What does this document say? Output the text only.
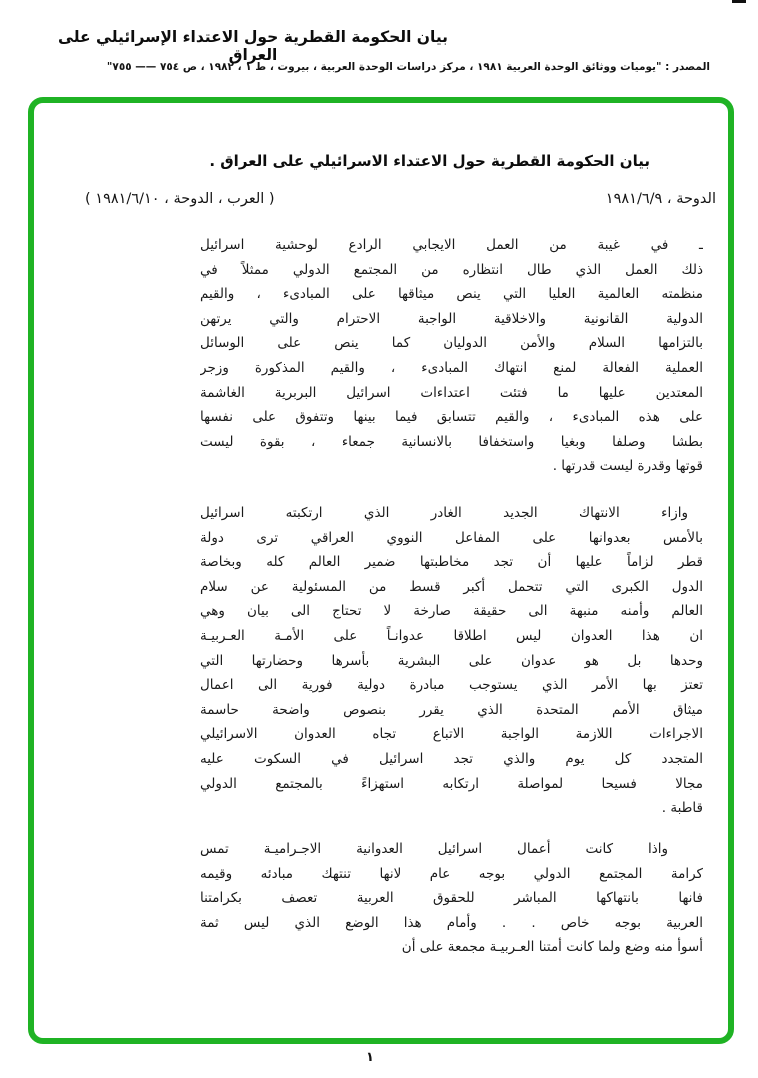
بيان الحكومة القطرية حول الاعتداء الإسرائيلي على العراق
المصدر : "يوميات ووثائق الوحدة العربية ١٩٨١ ، مركز دراسات الوحدة العربية ، بيروت ، ط ١ ، ١٩٨٢ ، ص ٧٥٤ —— ٧٥٥"
بيان الحكومة القطرية حول الاعتداء الاسرائيلي على العراق .
الدوحة ، ١٩٨١/٦/٩
( العرب ، الدوحة ، ١٩٨١/٦/١٠ )
ـ في غيبة من العمل الايجابي الرادع لوحشية اسرائيل
ذلك العمل الذي طال انتظاره من المجتمع الدولي ممثلاً في
منظمته العالمية العليا التي ينص ميثاقها على المبادىء ، والقيم
الدولية القانونية والاخلاقية الواجبة الاحترام والتي يرتهن
بالتزامها السلام والأمن الدوليان كما ينص على الوسائل
العملية الفعالة لمنع انتهاك المبادىء ، والقيم المذكورة وزجر
المعتدين عليها ما فتئت اعتداءات اسرائيل البربرية الغاشمة
على هذه المبادىء ، والقيم تتسابق فيما بينها وتتفوق على نفسها
بطشا وصلفا وبغيا واستخفافا بالانسانية جمعاء ، بقوة ليست
قوتها وقدرة ليست قدرتها .
وازاء الانتهاك الجديد الغادر الذي ارتكبته اسرائيل
بالأمس بعدوانها على المفاعل النووي العراقي ترى دولة
قطر لزاماً عليها أن تجد مخاطبتها ضمير العالم كله وبخاصة
الدول الكبرى التي تتحمل أكبر قسط من المسئولية عن سلام
العالم وأمنه منبهة الى حقيقة صارخة لا تحتاج الى بيان وهي
ان هذا العدوان ليس اطلاقا عدوانـاً على الأمـة العـربيـة
وحدها بل هو عدوان على البشرية بأسرها وحضارتها التي
تعتز بها الأمر الذي يستوجب مبادرة دولية فورية الى اعمال
ميثاق الأمم المتحدة الذي يقرر بنصوص واضحة حاسمة
الاجراءات اللازمة الواجبة الاتباع تجاه العدوان الاسرائيلي
المتجدد كل يوم والذي تجد اسرائيل في السكوت عليه
مجالا فسيحا لمواصلة ارتكابه استهزاءً بالمجتمع الدولي
قاطبة .
واذا كانت أعمال اسرائيل العدوانية الاجـراميـة تمس
كرامة المجتمع الدولي بوجه عام لانها تنتهك مبادئه وقيمه
فانها بانتهاكها المباشر للحقوق العربية تعصف بكرامتنا
العربية بوجه خاص . . وأمام هذا الوضع الذي ليس ثمة
أسوأ منه وضع ولما كانت أمتنا العـربيـة مجمعة على أن
١
